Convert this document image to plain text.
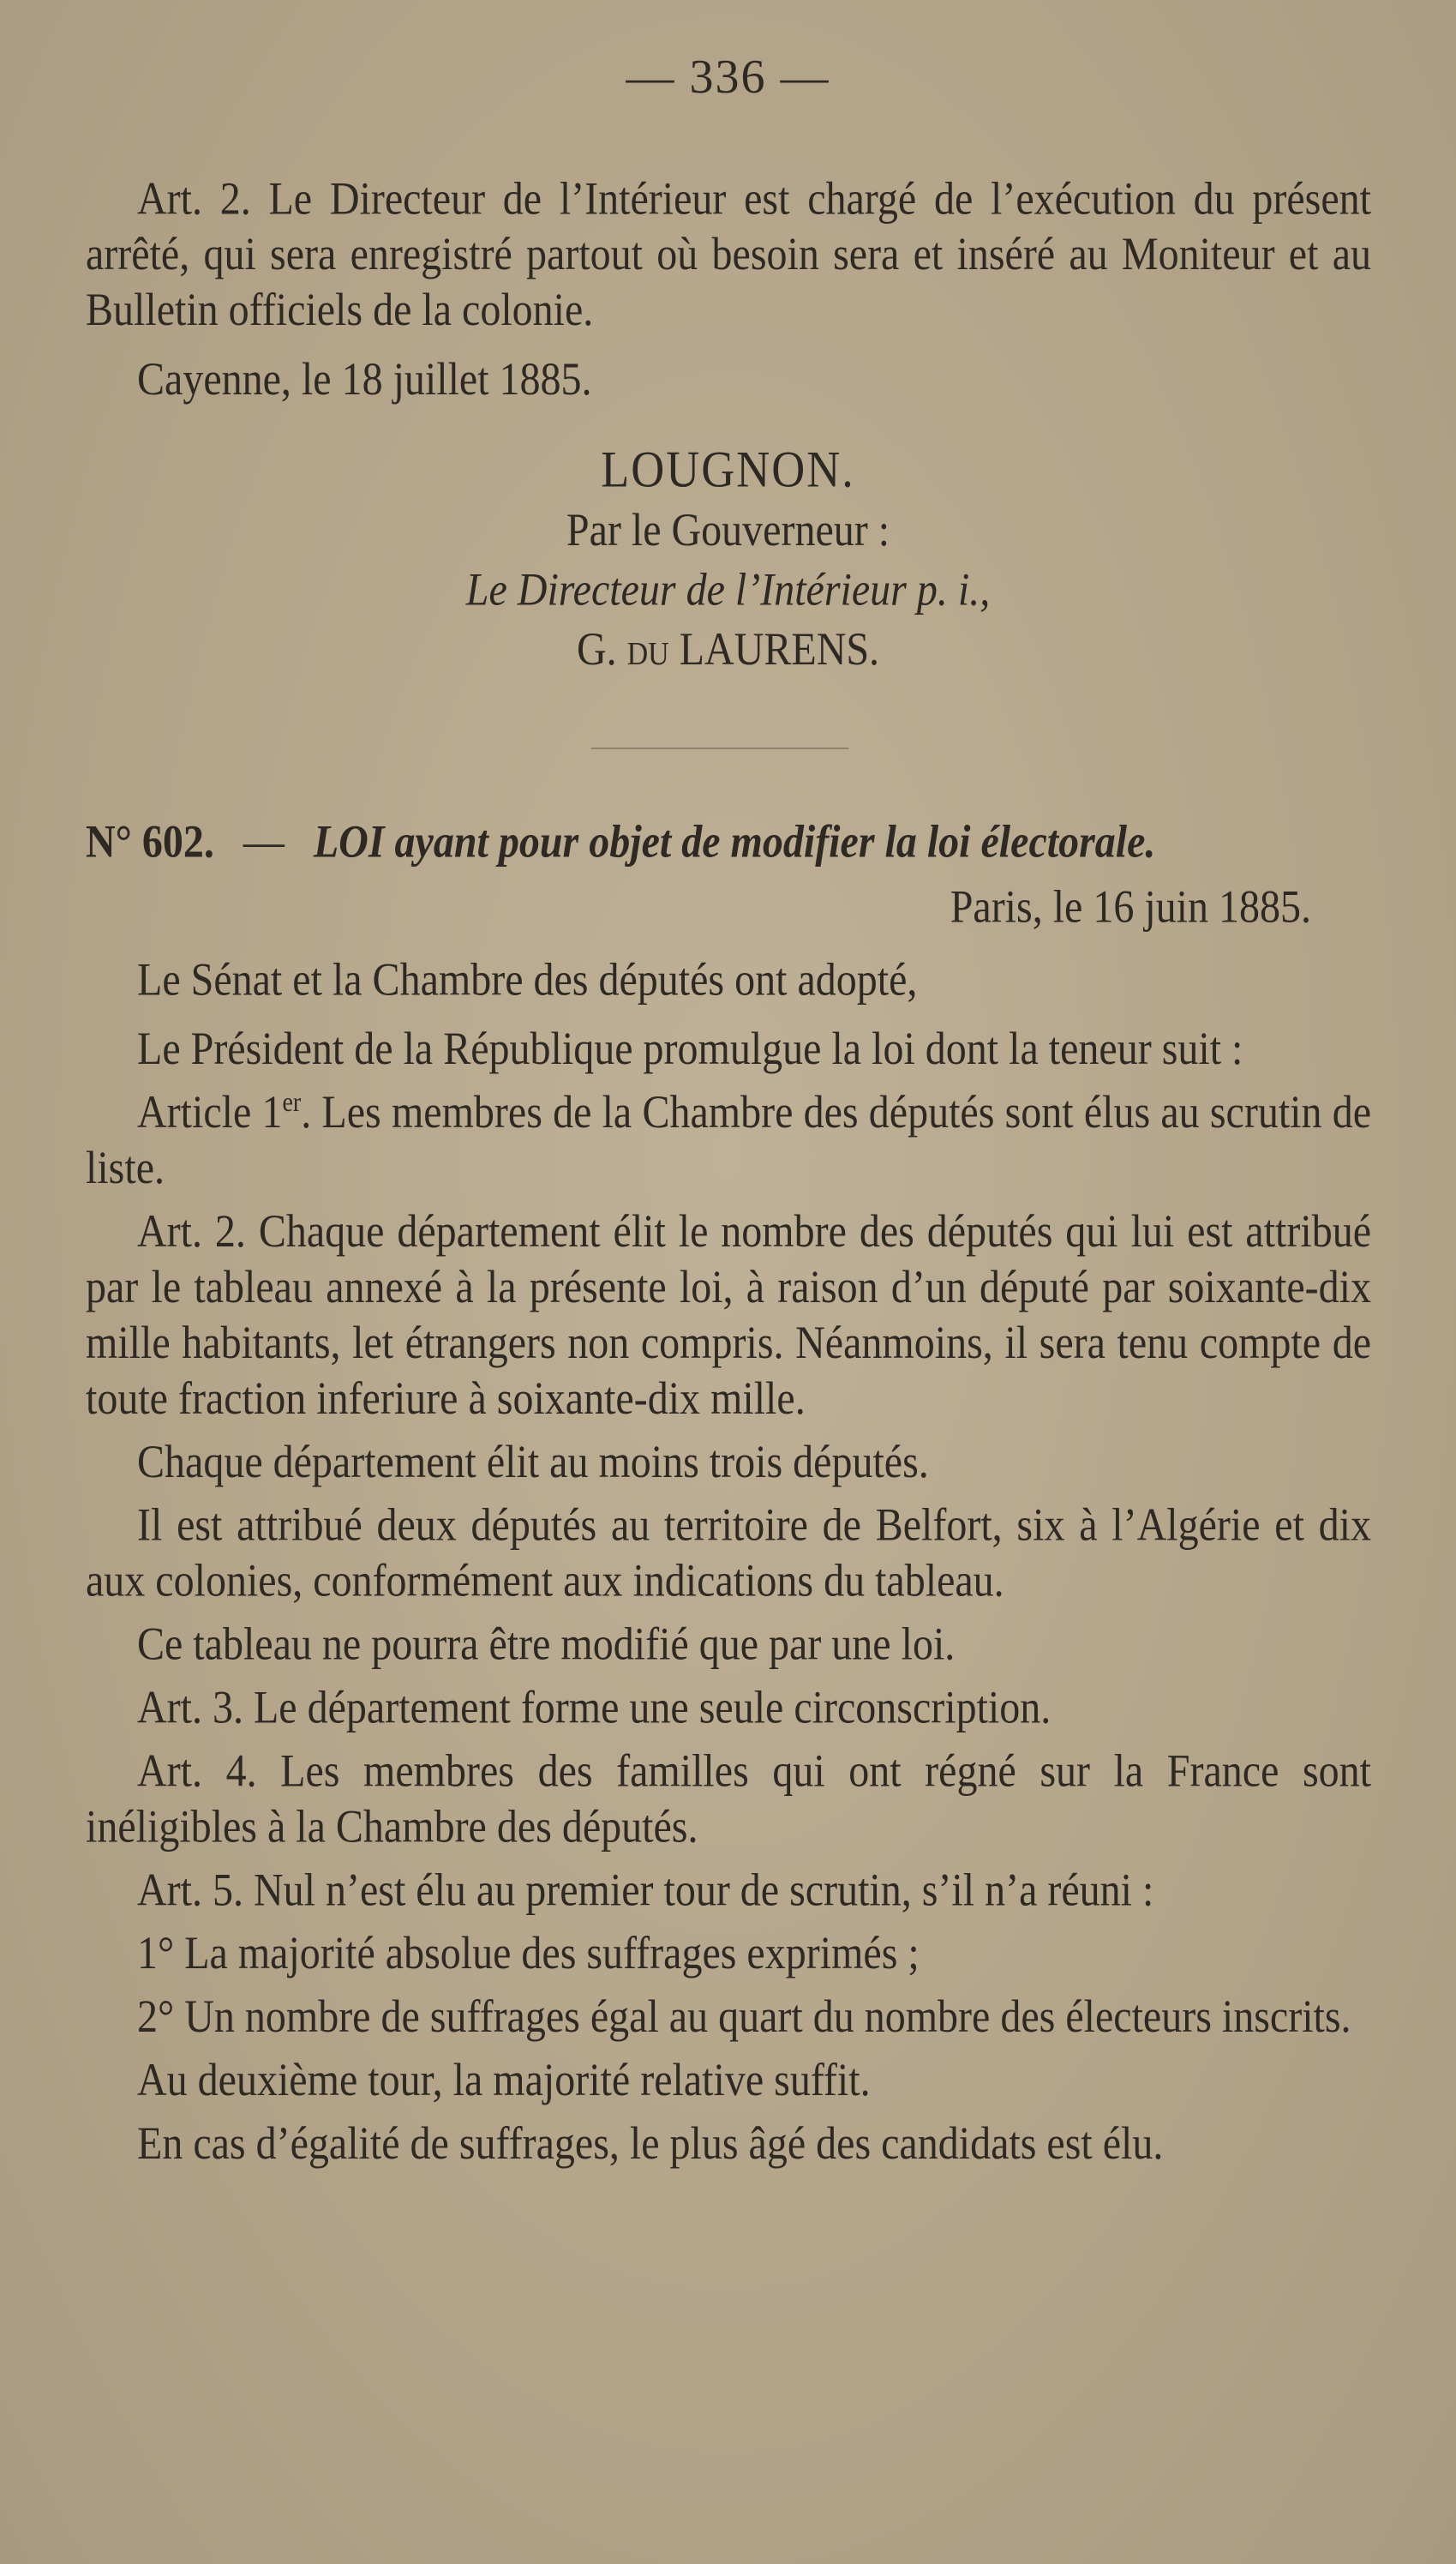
— 336 —

Art. 2. Le Directeur de l’Intérieur est chargé de l’exécution du présent arrêté, qui sera enregistré partout où besoin sera et inséré au Moniteur et au Bulletin officiels de la colonie.

Cayenne, le 18 juillet 1885.

LOUGNON.
Par le Gouverneur :
Le Directeur de l’Intérieur p. i.,
G. du LAURENS.

N° 602. — LOI ayant pour objet de modifier la loi électorale.

Paris, le 16 juin 1885.

Le Sénat et la Chambre des députés ont adopté,

Le Président de la République promulgue la loi dont la teneur suit :

Article 1er. Les membres de la Chambre des députés sont élus au scrutin de liste.

Art. 2. Chaque département élit le nombre des députés qui lui est attribué par le tableau annexé à la présente loi, à raison d’un député par soixante-dix mille habitants, let étrangers non compris. Néanmoins, il sera tenu compte de toute fraction inferiure à soixante-dix mille.

Chaque département élit au moins trois députés.

Il est attribué deux députés au territoire de Belfort, six à l’Algérie et dix aux colonies, conformément aux indications du tableau.

Ce tableau ne pourra être modifié que par une loi.

Art. 3. Le département forme une seule circonscription.

Art. 4. Les membres des familles qui ont régné sur la France sont inéligibles à la Chambre des députés.

Art. 5. Nul n’est élu au premier tour de scrutin, s’il n’a réuni :

1° La majorité absolue des suffrages exprimés ;

2° Un nombre de suffrages égal au quart du nombre des électeurs inscrits.

Au deuxième tour, la majorité relative suffit.

En cas d’égalité de suffrages, le plus âgé des candidats est élu.
